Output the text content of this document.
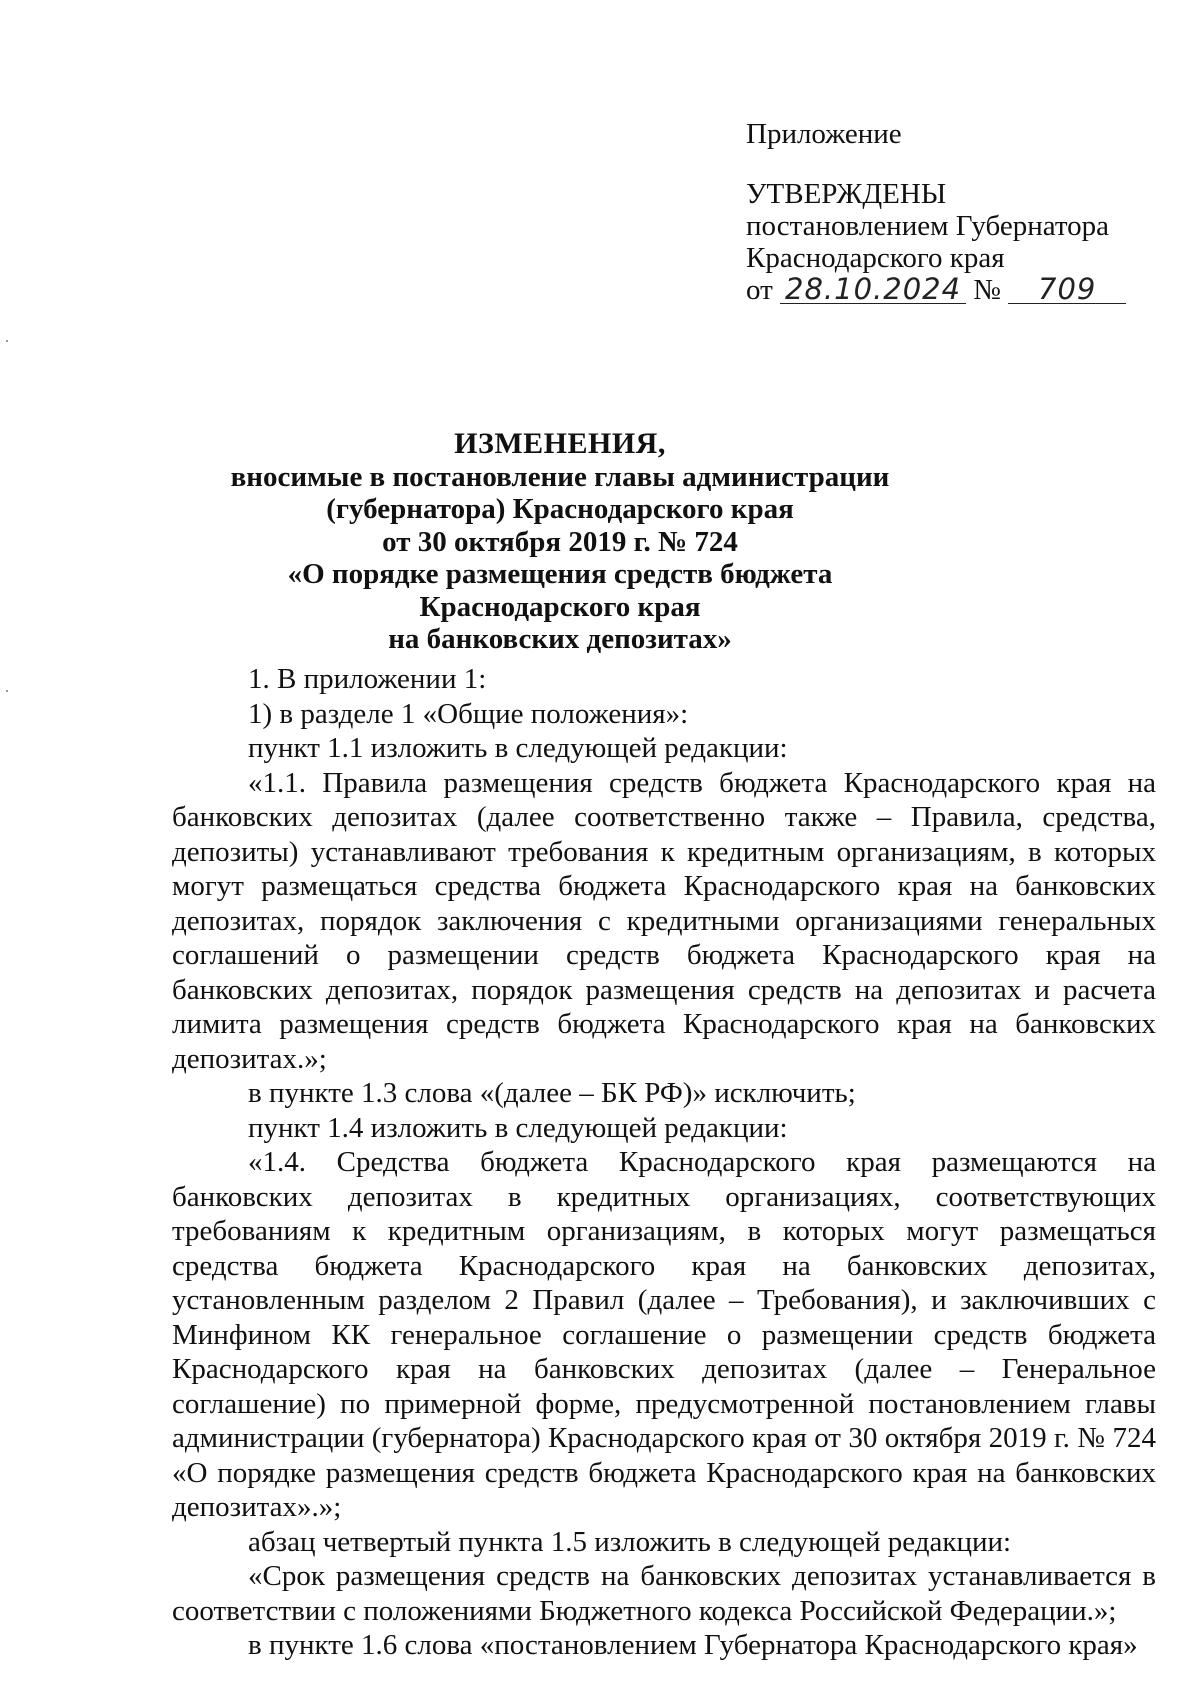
Приложение
УТВЕРЖДЕНЫ
постановлением Губернатора
Краснодарского края
от 28.10.2024 № 709
ИЗМЕНЕНИЯ,
вносимые в постановление главы администрации
(губернатора) Краснодарского края
от 30 октября 2019 г. № 724
«О порядке размещения средств бюджета Краснодарского края
на банковских депозитах»

1. В приложении 1:

1) в разделе 1 «Общие положения»:

пункт 1.1 изложить в следующей редакции:

«1.1. Правила размещения средств бюджета Краснодарского края на банковских депозитах (далее соответственно также – Правила, средства, депозиты) устанавливают требования к кредитным организациям, в которых могут размещаться средства бюджета Краснодарского края на банковских депозитах, порядок заключения с кредитными организациями генеральных соглашений о размещении средств бюджета Краснодарского края на банковских депозитах, порядок размещения средств на депозитах и расчета лимита размещения средств бюджета Краснодарского края на банковских депозитах.»;

в пункте 1.3 слова «(далее – БК РФ)» исключить;

пункт 1.4 изложить в следующей редакции:

«1.4. Средства бюджета Краснодарского края размещаются на банковских депозитах в кредитных организациях, соответствующих требованиям к кредитным организациям, в которых могут размещаться средства бюджета Краснодарского края на банковских депозитах, установленным разделом 2 Правил (далее – Требования), и заключивших с Минфином КК генеральное соглашение о размещении средств бюджета Краснодарского края на банковских депозитах (далее – Генеральное соглашение) по примерной форме, предусмотренной постановлением главы администрации (губернатора) Краснодарского края от 30 октября 2019 г. № 724 «О порядке размещения средств бюджета Краснодарского края на банковских депозитах».»;

абзац четвертый пункта 1.5 изложить в следующей редакции:

«Срок размещения средств на банковских депозитах устанавливается в соответствии с положениями Бюджетного кодекса Российской Федерации.»;

в пункте 1.6 слова «постановлением Губернатора Краснодарского края»
